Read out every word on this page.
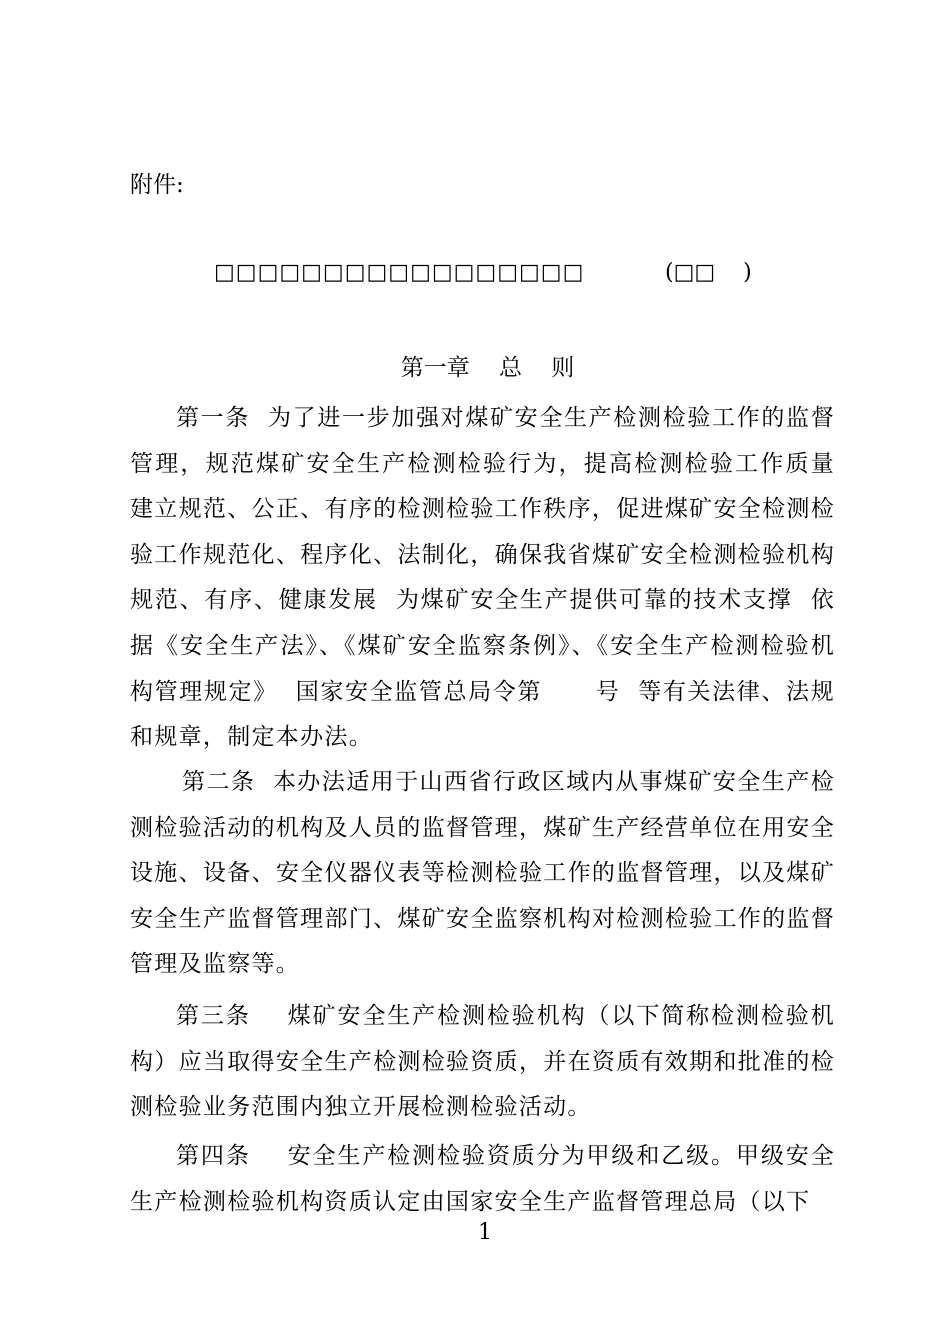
附件:
□□□□□□□□□□□□□□□□□	(□□    )
第一章    总    则

第一条  为了进一步加强对煤矿安全生产检测检验工作的监督管理，规范煤矿安全生产检测检验行为，提高检测检验工作质量  建立规范、公正、有序的检测检验工作秩序，促进煤矿安全检测检验工作规范化、程序化、法制化，确保我省煤矿安全检测检验机构规范、有序、健康发展  为煤矿安全生产提供可靠的技术支撑  依据《安全生产法》、《煤矿安全监察条例》、《安全生产检测检验机构管理规定》  国家安全监管总局令第      号  等有关法律、法规和规章，制定本办法。

第二条  本办法适用于山西省行政区域内从事煤矿安全生产检测检验活动的机构及人员的监督管理，煤矿生产经营单位在用安全设施、设备、安全仪器仪表等检测检验工作的监督管理，以及煤矿安全生产监督管理部门、煤矿安全监察机构对检测检验工作的监督管理及监察等。

第三条    煤矿安全生产检测检验机构（以下简称检测检验机构）应当取得安全生产检测检验资质，并在资质有效期和批准的检测检验业务范围内独立开展检测检验活动。

第四条    安全生产检测检验资质分为甲级和乙级。甲级安全生产检测检验机构资质认定由国家安全生产监督管理总局（以下

1
